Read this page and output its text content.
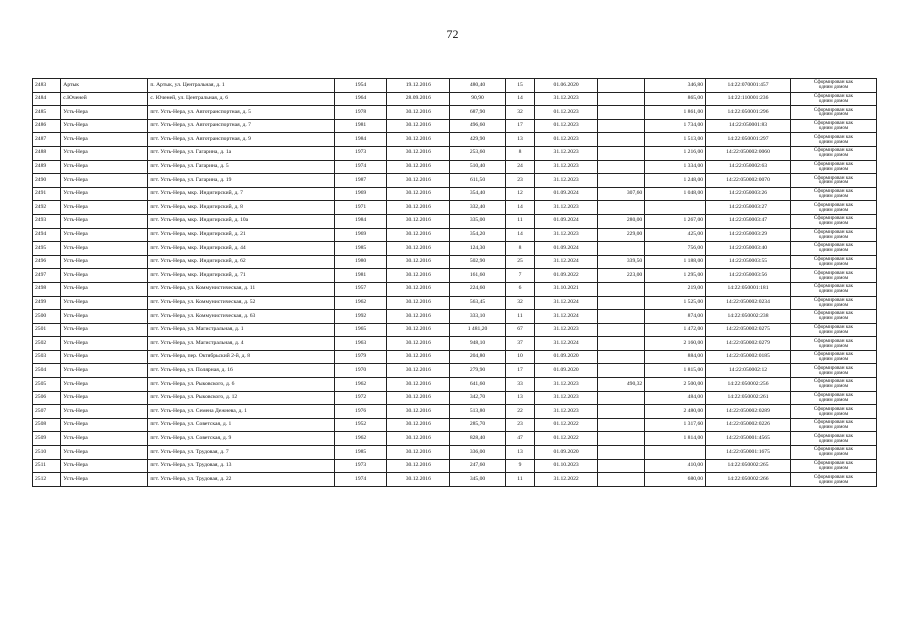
72
2483	Артык	п. Артык, ул. Центральная, д. 1	1954	19.12.2016	480,40	15	01.06.2020		346,80	14:22:070001:457	Сформирован как
одним домом

2484	с.Юченей	с. Юченей, ул. Центральная, д. 6	1964	28.09.2016	90,90	14	31.12.2023		865,00	14:22:110001:236	Сформирован как
одним домом

2485	Усть-Нера	пгт. Усть-Нера, ул. Автотранспортная, д. 5	1978	30.12.2016	687,90	32	01.12.2023		1 861,00	14:22:050001:296	Сформирован как
одним домом

2486	Усть-Нера	пгт. Усть-Нера, ул. Автотранспортная, д. 7	1981	30.12.2016	496,60	17	01.12.2023		1 734,00	14:22:050001:83	Сформирован как
одним домом

2487	Усть-Нера	пгт. Усть-Нера, ул. Автотранспортная, д. 9	1984	30.12.2016	429,90	13	01.12.2023		1 513,00	14:22:050001:297	Сформирован как
одним домом

2488	Усть-Нера	пгт. Усть-Нера, ул. Гагарина, д. 1а	1973	30.12.2016	253,60	8	31.12.2023		1 216,00	14:22:050002:0060	Сформирован как
одним домом

2489	Усть-Нера	пгт. Усть-Нера, ул. Гагарина, д. 5	1974	30.12.2016	510,40	24	31.12.2023		1 334,00	14:22:050002:63	Сформирован как
одним домом

2490	Усть-Нера	пгт. Усть-Нера, ул. Гагарина, д. 19	1987	30.12.2016	611,50	23	31.12.2023		1 248,00	14:22:050002:0070	Сформирован как
одним домом

2491	Усть-Нера	пгт. Усть-Нера, мкр. Индигирский, д. 7	1969	30.12.2016	354,40	12	01.09.2024	307,60	1 048,00	14:22:050003:26	Сформирован как
одним домом

2492	Усть-Нера	пгт. Усть-Нера, мкр. Индигирский, д. 8	1971	30.12.2016	332,40	14	31.12.2023			14:22:050003:27	Сформирован как
одним домом

2493	Усть-Нера	пгт. Усть-Нера, мкр. Индигирский, д. 10а	1984	30.12.2016	335,00	11	01.09.2024	280,00	1 267,00	14:22:050003:47	Сформирован как
одним домом

2494	Усть-Нера	пгт. Усть-Нера, мкр. Индигирский, д. 21	1969	30.12.2016	354,20	14	31.12.2023	229,00	425,00	14:22:050003:29	Сформирован как
одним домом

2495	Усть-Нера	пгт. Усть-Нера, мкр. Индигирский, д. 44	1985	30.12.2016	124,30	8	01.09.2024		756,00	14:22:050003:40	Сформирован как
одним домом

2496	Усть-Нера	пгт. Усть-Нера, мкр. Индигирский, д. 62	1980	30.12.2016	502,90	25	31.12.2024	339,50	1 188,00	14:22:050003:55	Сформирован как
одним домом

2497	Усть-Нера	пгт. Усть-Нера, мкр. Индигирский, д. 71	1981	30.12.2016	161,60	7	01.09.2022	223,00	1 295,00	14:22:050003:56	Сформирован как
одним домом

2498	Усть-Нера	пгт. Усть-Нера, ул. Коммунистическая, д. 11	1957	30.12.2016	224,60	6	31.10.2021		219,00	14:22:050001:181	Сформирован как
одним домом

2499	Усть-Нера	пгт. Усть-Нера, ул. Коммунистическая, д. 52	1962	30.12.2016	563,45	32	31.12.2024		1 525,00	14:22:050002:0234	Сформирован как
одним домом

2500	Усть-Нера	пгт. Усть-Нера, ул. Коммунистическая, д. 63	1992	30.12.2016	333,10	11	31.12.2024		874,00	14:22:050002:238	Сформирован как
одним домом

2501	Усть-Нера	пгт. Усть-Нера, ул. Магистральная, д. 1	1965	30.12.2016	1 481,20	67	31.12.2023		1 472,00	14:22:050002:0275	Сформирован как
одним домом

2502	Усть-Нера	пгт. Усть-Нера, ул. Магистральная, д. 4	1963	30.12.2016	948,10	37	31.12.2024		2 160,00	14:22:050002:0279	Сформирован как
одним домом

2503	Усть-Нера	пгт. Усть-Нера, пер. Октябрьский 2-й, д. 8	1979	30.12.2016	204,80	10	01.09.2020		884,00	14:22:050002:0185	Сформирован как
одним домом

2504	Усть-Нера	пгт. Усть-Нера, ул. Полярная, д. 16	1970	30.12.2016	279,90	17	01.09.2020		1 815,00	14:22:050002:12	Сформирован как
одним домом

2505	Усть-Нера	пгт. Усть-Нера, ул. Рыковского, д. 6	1962	30.12.2016	641,60	33	31.12.2023	490,32	2 500,00	14:22:050002:256	Сформирован как
одним домом

2506	Усть-Нера	пгт. Усть-Нера, ул. Рыковского, д. 12	1972	30.12.2016	342,70	13	31.12.2023		484,00	14:22:050002:261	Сформирован как
одним домом

2507	Усть-Нера	пгт. Усть-Нера, ул. Семена Дежнева, д. 1	1976	30.12.2016	513,80	22	31.12.2023		2 480,00	14:22:050002:0289	Сформирован как
одним домом

2508	Усть-Нера	пгт. Усть-Нера, ул. Советская, д. 1	1952	30.12.2016	285,70	23	01.12.2022		1 317,60	14:22:050002:0226	Сформирован как
одним домом

2509	Усть-Нера	пгт. Усть-Нера, ул. Советская, д. 9	1962	30.12.2016	828,40	47	01.12.2022		1 814,00	14:22:050001:4565	Сформирован как
одним домом

2510	Усть-Нера	пгт. Усть-Нера, ул. Трудовая, д. 7	1985	30.12.2016	336,00	13	01.09.2020			14:22:050001:1675	Сформирован как
одним домом

2511	Усть-Нера	пгт. Усть-Нера, ул. Трудовая, д. 13	1973	30.12.2016	247,60	9	01.10.2023		410,00	14:22:050002:265	Сформирован как
одним домом

2512	Усть-Нера	пгт. Усть-Нера, ул. Трудовая, д. 22	1974	30.12.2016	345,00	11	31.12.2022		680,00	14:22:050002:266	Сформирован как
одним домом
